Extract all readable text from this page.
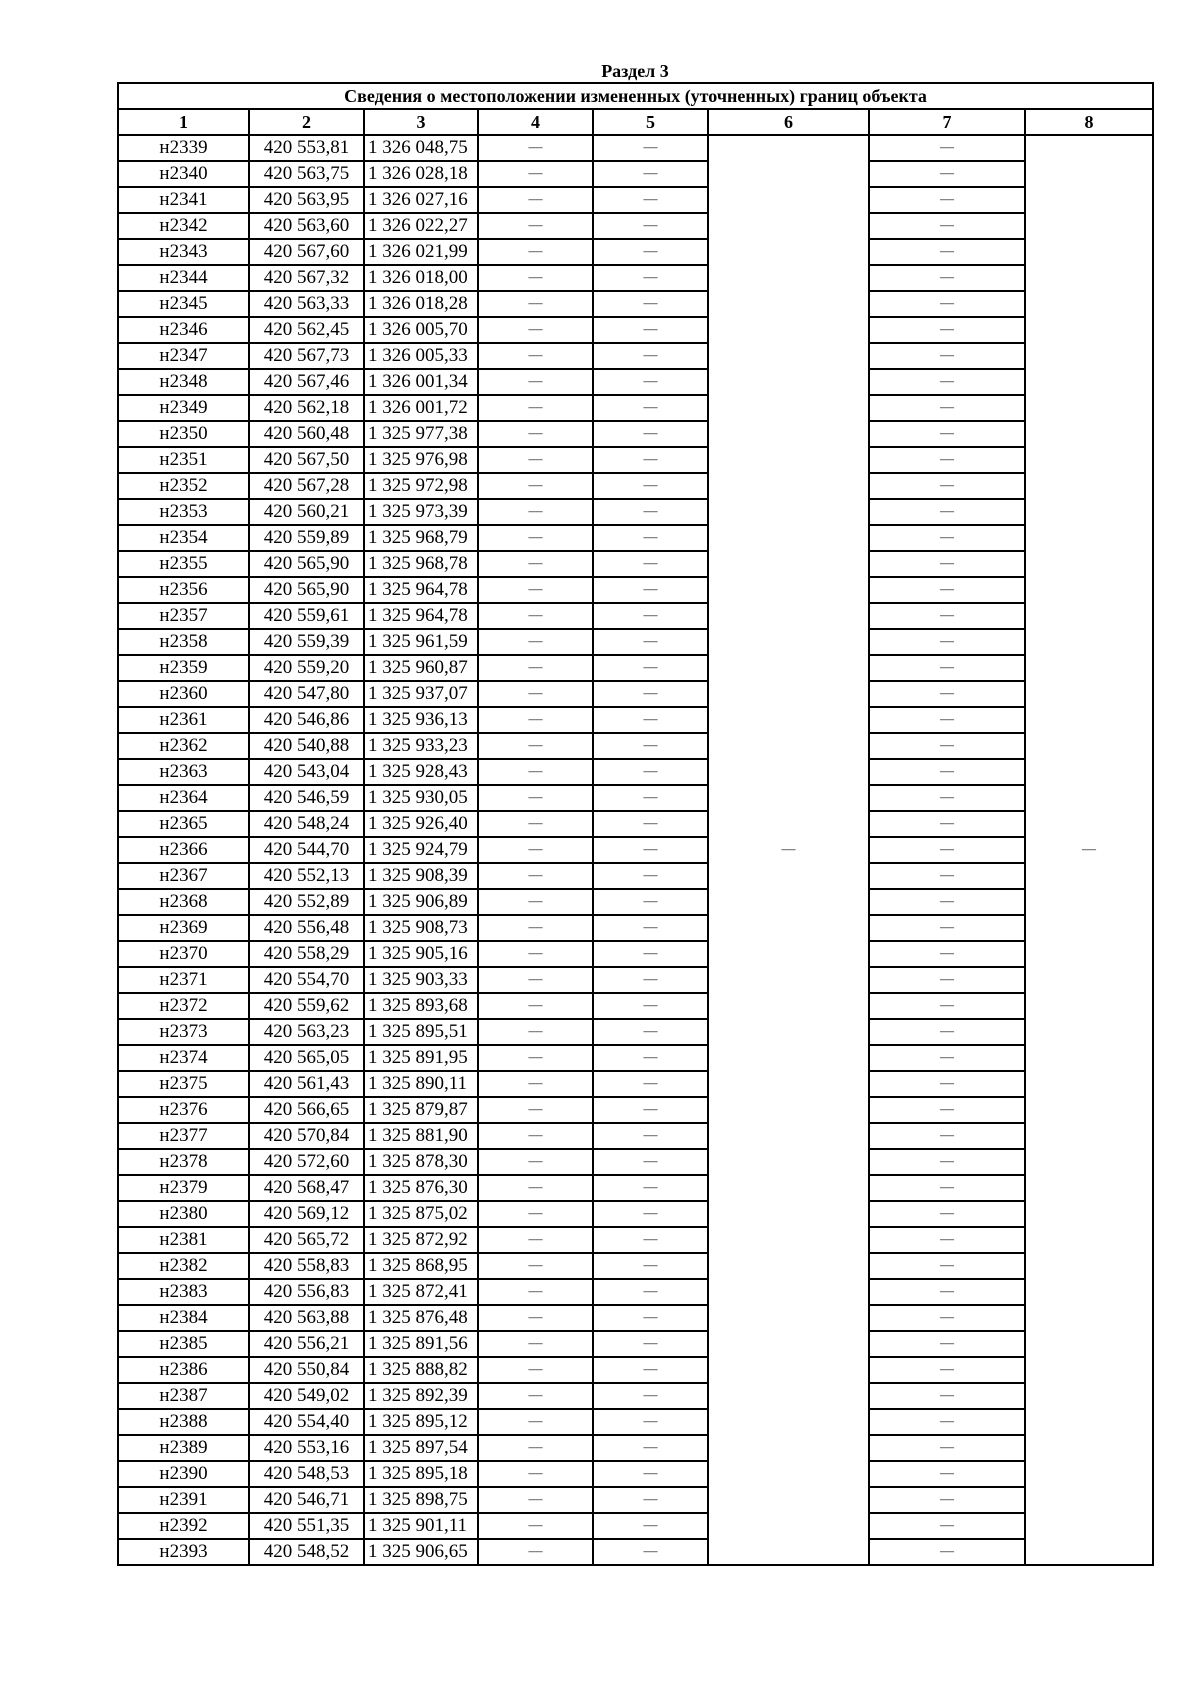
Раздел 3
Сведения о местоположении измененных (уточненных) границ объекта							
1	2	3	4	5	6	7	8
н2339	420 553,81	1 326 048,75	—	—	—	—	—
н2340	420 563,75	1 326 028,18	—	—		—	
н2341	420 563,95	1 326 027,16	—	—		—	
н2342	420 563,60	1 326 022,27	—	—		—	
н2343	420 567,60	1 326 021,99	—	—		—	
н2344	420 567,32	1 326 018,00	—	—		—	
н2345	420 563,33	1 326 018,28	—	—		—	
н2346	420 562,45	1 326 005,70	—	—		—	
н2347	420 567,73	1 326 005,33	—	—		—	
н2348	420 567,46	1 326 001,34	—	—		—	
н2349	420 562,18	1 326 001,72	—	—		—	
н2350	420 560,48	1 325 977,38	—	—		—	
н2351	420 567,50	1 325 976,98	—	—		—	
н2352	420 567,28	1 325 972,98	—	—		—	
н2353	420 560,21	1 325 973,39	—	—		—	
н2354	420 559,89	1 325 968,79	—	—		—	
н2355	420 565,90	1 325 968,78	—	—		—	
н2356	420 565,90	1 325 964,78	—	—		—	
н2357	420 559,61	1 325 964,78	—	—		—	
н2358	420 559,39	1 325 961,59	—	—		—	
н2359	420 559,20	1 325 960,87	—	—		—	
н2360	420 547,80	1 325 937,07	—	—		—	
н2361	420 546,86	1 325 936,13	—	—		—	
н2362	420 540,88	1 325 933,23	—	—		—	
н2363	420 543,04	1 325 928,43	—	—		—	
н2364	420 546,59	1 325 930,05	—	—		—	
н2365	420 548,24	1 325 926,40	—	—		—	
н2366	420 544,70	1 325 924,79	—	—		—	
н2367	420 552,13	1 325 908,39	—	—		—	
н2368	420 552,89	1 325 906,89	—	—		—	
н2369	420 556,48	1 325 908,73	—	—		—	
н2370	420 558,29	1 325 905,16	—	—		—	
н2371	420 554,70	1 325 903,33	—	—		—	
н2372	420 559,62	1 325 893,68	—	—		—	
н2373	420 563,23	1 325 895,51	—	—		—	
н2374	420 565,05	1 325 891,95	—	—		—	
н2375	420 561,43	1 325 890,11	—	—		—	
н2376	420 566,65	1 325 879,87	—	—		—	
н2377	420 570,84	1 325 881,90	—	—		—	
н2378	420 572,60	1 325 878,30	—	—		—	
н2379	420 568,47	1 325 876,30	—	—		—	
н2380	420 569,12	1 325 875,02	—	—		—	
н2381	420 565,72	1 325 872,92	—	—		—	
н2382	420 558,83	1 325 868,95	—	—		—	
н2383	420 556,83	1 325 872,41	—	—		—	
н2384	420 563,88	1 325 876,48	—	—		—	
н2385	420 556,21	1 325 891,56	—	—		—	
н2386	420 550,84	1 325 888,82	—	—		—	
н2387	420 549,02	1 325 892,39	—	—		—	
н2388	420 554,40	1 325 895,12	—	—		—	
н2389	420 553,16	1 325 897,54	—	—		—	
н2390	420 548,53	1 325 895,18	—	—		—	
н2391	420 546,71	1 325 898,75	—	—		—	
н2392	420 551,35	1 325 901,11	—	—		—	
н2393	420 548,52	1 325 906,65	—	—		—	
